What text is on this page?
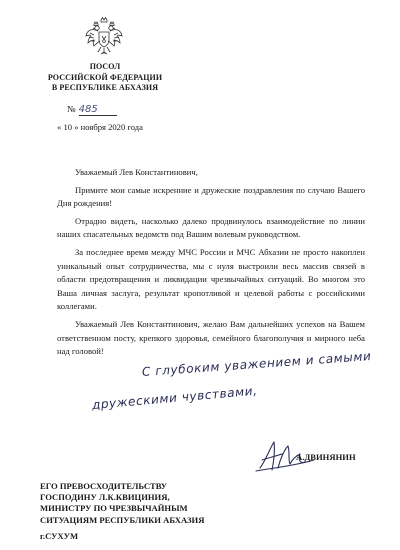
ПОСОЛ
РОССИЙСКОЙ ФЕДЕРАЦИИ
В РЕСПУБЛИКЕ АБХАЗИЯ
№ 485
« 10 » ноября 2020 года

Уважаемый Лев Константинович,

Примите мои самые искренние и дружеские поздравления по случаю Вашего Дня рождения!

Отрадно видеть, насколько далеко продвинулось взаимодействие по линии наших спасательных ведомств под Вашим волевым руководством.

За последнее время между МЧС России и МЧС Абхазии не просто накоплен уникальный опыт сотрудничества, мы с нуля выстроили весь массив связей в области предотвращения и ликвидации чрезвычайных ситуаций. Во многом это Ваша личная заслуга, результат кропотливой и целевой работы с российскими коллегами.

Уважаемый Лев Константинович, желаю Вам дальнейших успехов на Вашем ответственном посту, крепкого здоровья, семейного благополучия и мирного неба над головой!	С глубоким уважением и самыми
дружескими чувствами,
А.ДВИНЯНИН
ЕГО ПРЕВОСХОДИТЕЛЬСТВУ
ГОСПОДИНУ Л.К.КВИЦИНИЯ,
МИНИСТРУ ПО ЧРЕЗВЫЧАЙНЫМ
СИТУАЦИЯМ РЕСПУБЛИКИ АБХАЗИЯ
г.СУХУМ
